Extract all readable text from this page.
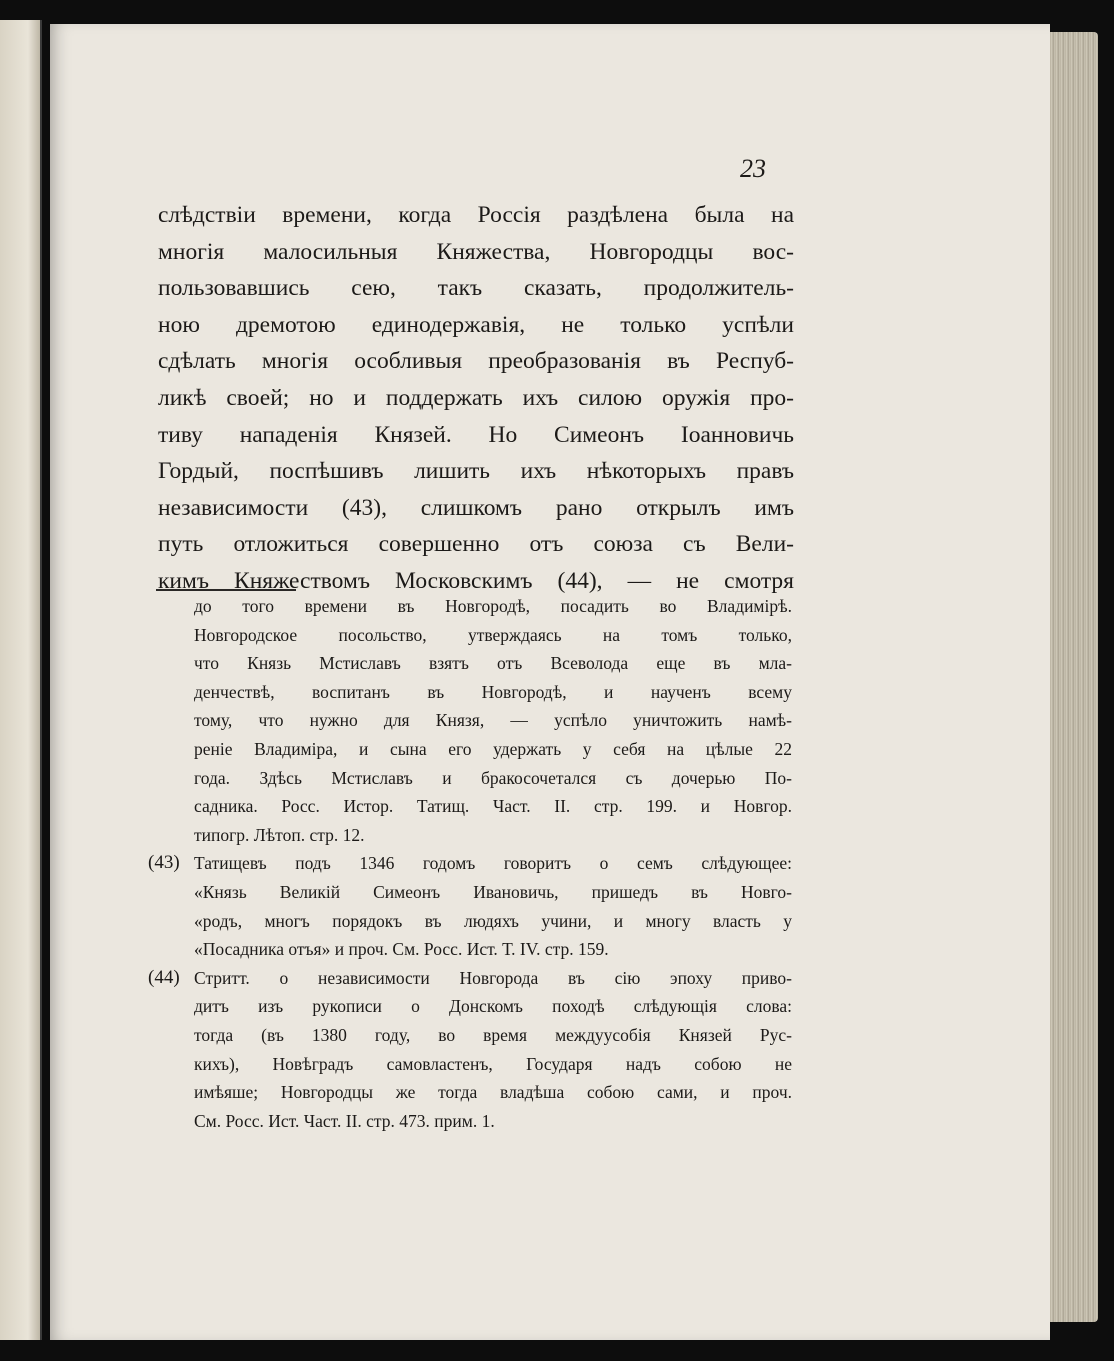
23

слѣдствіи времени, когда Россія раздѣлена была на
многія малосильныя Княжества, Новгородцы вос-
пользовавшись сею, такъ сказать, продолжитель-
ною дремотою единодержавія, не только успѣли
сдѣлать многія особливыя преобразованія въ Респуб-
ликѣ своей; но и поддержать ихъ силою оружія про-
тиву нападенія Князей. Но Симеонъ Іоанновичь
Гордый, поспѣшивъ лишить ихъ нѣкоторыхъ правъ
независимости (43), слишкомъ рано открылъ имъ
путь отложиться совершенно отъ союза съ Вели-
кимъ Княжествомъ Московскимъ (44), — не смотря

до того времени въ Новгородѣ, посадить во Владимірѣ.
Новгородское посольство, утверждаясь на томъ только,
что Князь Мстиславъ взятъ отъ Всеволода еще въ мла-
денчествѣ, воспитанъ въ Новгородѣ, и наученъ всему
тому, что нужно для Князя, — успѣло уничтожить намѣ-
реніе Владиміра, и сына его удержать у себя на цѣлые 22
года. Здѣсь Мстиславъ и бракосочетался съ дочерью По-
садника. Росс. Истор. Татищ. Част. II. стр. 199. и Новгор.
типогр. Лѣтоп. стр. 12.
(43) Татищевъ подъ 1346 годомъ говоритъ о семъ слѣдующее:
«Князь Великій Симеонъ Ивановичь, пришедъ въ Новго-
«родъ, многъ порядокъ въ людяхъ учини, и многу власть у
«Посадника отъя» и проч. См. Росс. Ист. Т. IV. стр. 159.
(44) Стритт. о независимости Новгорода въ сію эпоху приво-
дитъ изъ рукописи о Донскомъ походѣ слѣдующія слова:
тогда (въ 1380 году, во время междуусобія Князей Рус-
кихъ), Новѣградъ самовластенъ, Государя надъ собою не
имѣяше; Новгородцы же тогда владѣша собою сами, и проч.
См. Росс. Ист. Част. II. стр. 473. прим. 1.
